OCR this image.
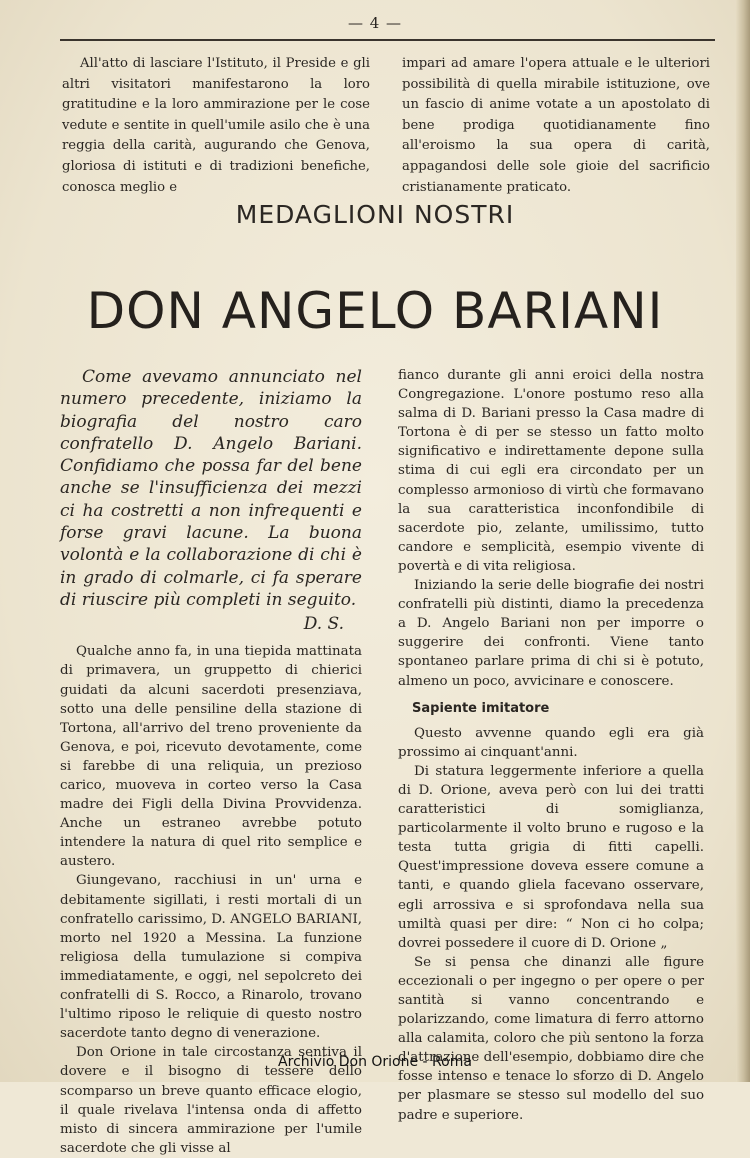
— 4 —

All'atto di lasciare l'Istituto, il Preside e gli altri visitatori manifestarono la loro gratitudine e la loro ammirazione per le cose vedute e sentite in quell'umile asilo che è una reggia della carità, augurando che Genova, gloriosa di istituti e di tradizioni benefiche, conosca meglio e

impari ad amare l'opera attuale e le ulteriori possibilità di quella mirabile istituzione, ove un fascio di anime votate a un apostolato di bene prodiga quotidianamente fino all'eroismo la sua opera di carità, appagandosi delle sole gioie del sacrificio cristianamente praticato.

MEDAGLIONI NOSTRI
DON ANGELO BARIANI

Come avevamo annunciato nel numero precedente, iniziamo la biografia del nostro caro confratello D. Angelo Bariani. Confidiamo che possa far del bene anche se l'insufficienza dei mezzi ci ha costretti a non infrequenti e forse gravi lacune. La buona volontà e la collaborazione di chi è in grado di colmarle, ci fa sperare di riuscire più completi in seguito.

D. S.

Qualche anno fa, in una tiepida mattinata di primavera, un gruppetto di chierici guidati da alcuni sacerdoti presenziava, sotto una delle pensiline della stazione di Tortona, all'arrivo del treno proveniente da Genova, e poi, ricevuto devotamente, come si farebbe di una reliquia, un prezioso carico, muoveva in corteo verso la Casa madre dei Figli della Divina Provvidenza. Anche un estraneo avrebbe potuto intendere la natura di quel rito semplice e austero.

Giungevano, racchiusi in un' urna e debitamente sigillati, i resti mortali di un confratello carissimo, D. ANGELO BARIANI, morto nel 1920 a Messina. La funzione religiosa della tumulazione si compiva immediatamente, e oggi, nel sepolcreto dei confratelli di S. Rocco, a Rinarolo, trovano l'ultimo riposo le reliquie di questo nostro sacerdote tanto degno di venerazione.

Don Orione in tale circostanza sentiva il dovere e il bisogno di tessere dello scomparso un breve quanto efficace elogio, il quale rivelava l'intensa onda di affetto misto di sincera ammirazione per l'umile sacerdote che gli visse al

fianco durante gli anni eroici della nostra Congregazione. L'onore postumo reso alla salma di D. Bariani presso la Casa madre di Tortona è di per se stesso un fatto molto significativo e indirettamente depone sulla stima di cui egli era circondato per un complesso armonioso di virtù che formavano la sua caratteristica inconfondibile di sacerdote pio, zelante, umilissimo, tutto candore e semplicità, esempio vivente di povertà e di vita religiosa.

Iniziando la serie delle biografie dei nostri confratelli più distinti, diamo la precedenza a D. Angelo Bariani non per imporre o suggerire dei confronti. Viene tanto spontaneo parlare prima di chi si è potuto, almeno un poco, avvicinare e conoscere.

Sapiente imitatore

Questo avvenne quando egli era già prossimo ai cinquant'anni.

Di statura leggermente inferiore a quella di D. Orione, aveva però con lui dei tratti caratteristici di somiglianza, particolarmente il volto bruno e rugoso e la testa tutta grigia di fitti capelli. Quest'impressione doveva essere comune a tanti, e quando gliela facevano osservare, egli arrossiva e si sprofondava nella sua umiltà quasi per dire: “ Non ci ho colpa; dovrei possedere il cuore di D. Orione „

Se si pensa che dinanzi alle figure eccezionali o per ingegno o per opere o per santità si vanno concentrando e polarizzando, come limatura di ferro attorno alla calamita, coloro che più sentono la forza d'attrazione dell'esempio, dobbiamo dire che fosse intenso e tenace lo sforzo di D. Angelo per plasmare se stesso sul modello del suo padre e superiore.

Archivio Don Orione - Roma
